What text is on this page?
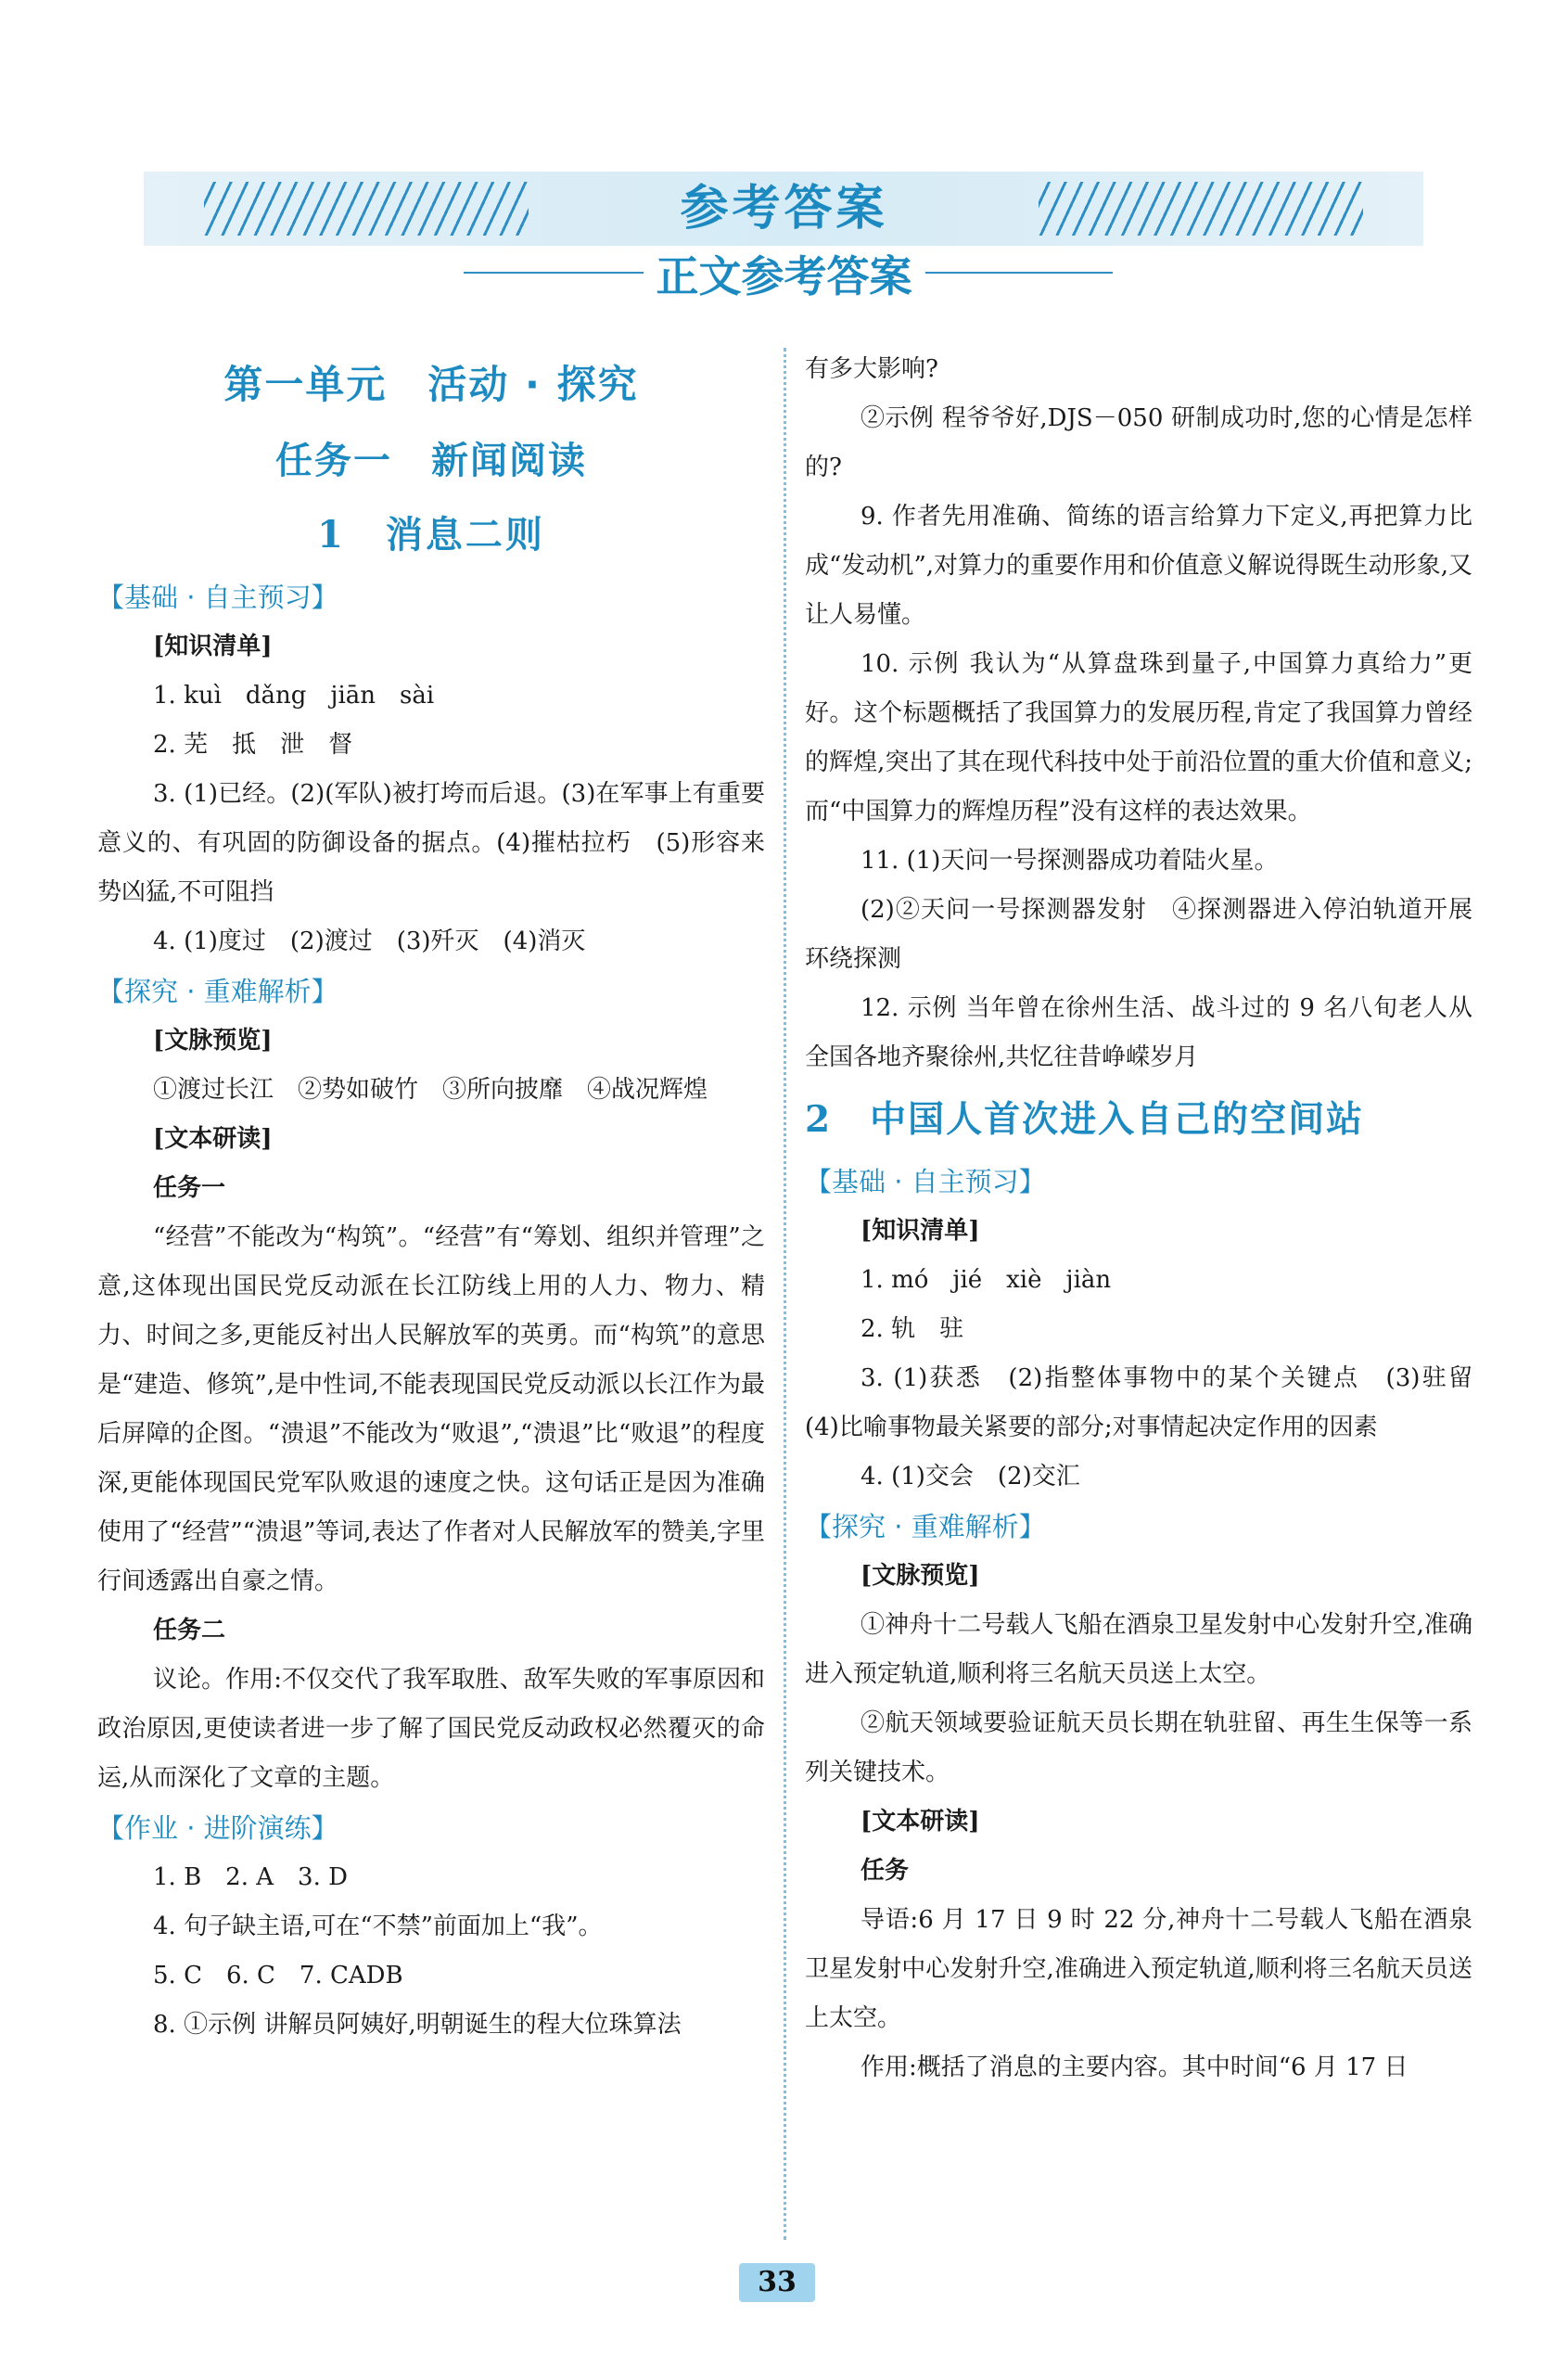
参考答案
正文参考答案
第一单元　活动 · 探究
任务一　新闻阅读
1　消息二则
【基础 · 自主预习】
[知识清单]

1. kuì　dǎng　jiān　sài

2. 芜　抵　泄　督

3. (1)已经。(2)(军队)被打垮而后退。(3)在军事上有重要意义的、有巩固的防御设备的据点。(4)摧枯拉朽　(5)形容来势凶猛,不可阻挡

4. (1)度过　(2)渡过　(3)歼灭　(4)消灭

【探究 · 重难解析】
[文脉预览]

①渡过长江　②势如破竹　③所向披靡　④战况辉煌

[文本研读]
任务一

“经营”不能改为“构筑”。“经营”有“筹划、组织并管理”之意,这体现出国民党反动派在长江防线上用的人力、物力、精力、时间之多,更能反衬出人民解放军的英勇。而“构筑”的意思是“建造、修筑”,是中性词,不能表现国民党反动派以长江作为最后屏障的企图。“溃退”不能改为“败退”,“溃退”比“败退”的程度深,更能体现国民党军队败退的速度之快。这句话正是因为准确使用了“经营”“溃退”等词,表达了作者对人民解放军的赞美,字里行间透露出自豪之情。

任务二

议论。作用:不仅交代了我军取胜、敌军失败的军事原因和政治原因,更使读者进一步了解了国民党反动政权必然覆灭的命运,从而深化了文章的主题。

【作业 · 进阶演练】

1. B　2. A　3. D

4. 句子缺主语,可在“不禁”前面加上“我”。

5. C　6. C　7. CADB

8. ①示例 讲解员阿姨好,明朝诞生的程大位珠算法

有多大影响?

②示例 程爷爷好,DJS－050 研制成功时,您的心情是怎样的?

9. 作者先用准确、简练的语言给算力下定义,再把算力比成“发动机”,对算力的重要作用和价值意义解说得既生动形象,又让人易懂。

10. 示例 我认为“从算盘珠到量子,中国算力真给力”更好。这个标题概括了我国算力的发展历程,肯定了我国算力曾经的辉煌,突出了其在现代科技中处于前沿位置的重大价值和意义;而“中国算力的辉煌历程”没有这样的表达效果。

11. (1)天问一号探测器成功着陆火星。

(2)②天问一号探测器发射　④探测器进入停泊轨道开展环绕探测

12. 示例 当年曾在徐州生活、战斗过的 9 名八旬老人从全国各地齐聚徐州,共忆往昔峥嵘岁月

2　中国人首次进入自己的空间站
【基础 · 自主预习】
[知识清单]

1. mó　jié　xiè　jiàn

2. 轨　驻

3. (1)获悉　(2)指整体事物中的某个关键点　(3)驻留　(4)比喻事物最关紧要的部分;对事情起决定作用的因素

4. (1)交会　(2)交汇

【探究 · 重难解析】
[文脉预览]

①神舟十二号载人飞船在酒泉卫星发射中心发射升空,准确进入预定轨道,顺利将三名航天员送上太空。

②航天领域要验证航天员长期在轨驻留、再生生保等一系列关键技术。

[文本研读]
任务

导语:6 月 17 日 9 时 22 分,神舟十二号载人飞船在酒泉卫星发射中心发射升空,准确进入预定轨道,顺利将三名航天员送上太空。

作用:概括了消息的主要内容。其中时间“6 月 17 日

33
